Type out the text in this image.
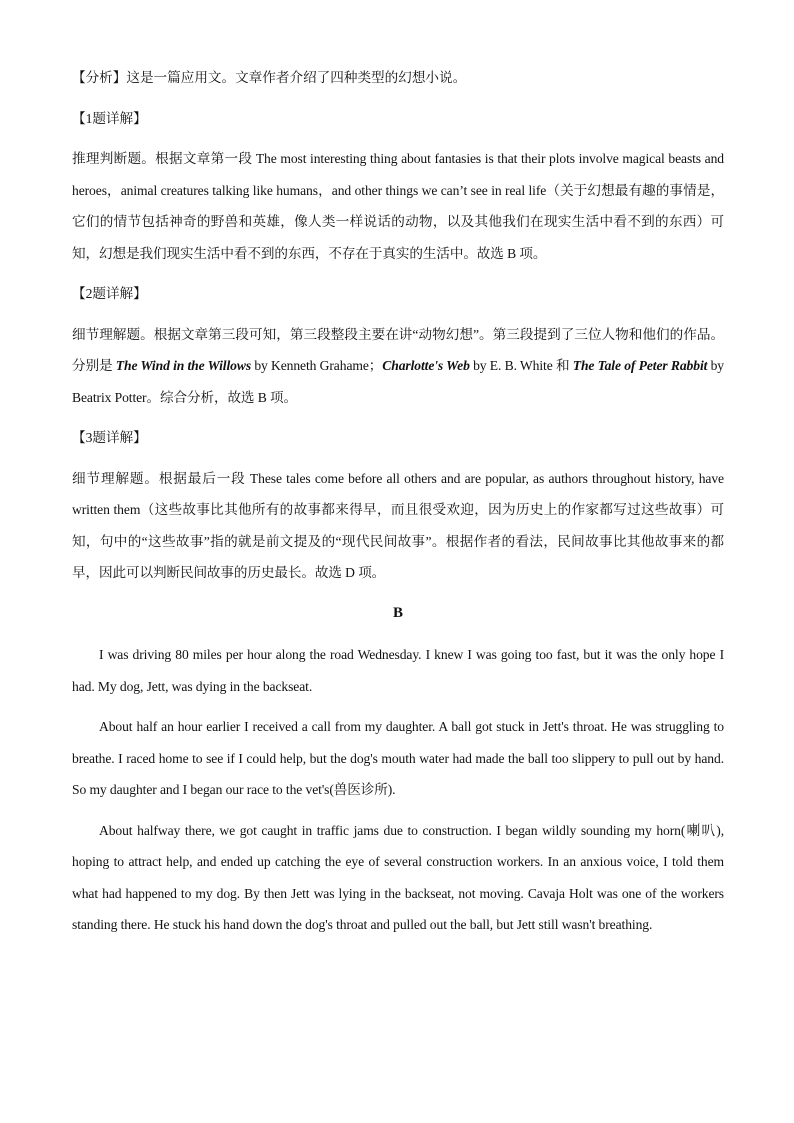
【分析】这是一篇应用文。文章作者介绍了四种类型的幻想小说。

【1题详解】

推理判断题。根据文章第一段 The most interesting thing about fantasies is that their plots involve magical beasts and heroes，animal creatures talking like humans，and other things we can’t see in real life（关于幻想最有趣的事情是，它们的情节包括神奇的野兽和英雄，像人类一样说话的动物，以及其他我们在现实生活中看不到的东西）可知，幻想是我们现实生活中看不到的东西，不存在于真实的生活中。故选 B 项。

【2题详解】

细节理解题。根据文章第三段可知，第三段整段主要在讲“动物幻想”。第三段提到了三位人物和他们的作品。分别是 The Wind in the Willows by Kenneth Grahame；Charlotte's Web by E. B. White 和 The Tale of Peter Rabbit by Beatrix Potter。综合分析，故选 B 项。

【3题详解】

细节理解题。根据最后一段 These tales come before all others and are popular, as authors throughout history, have written them（这些故事比其他所有的故事都来得早，而且很受欢迎，因为历史上的作家都写过这些故事）可知，句中的“这些故事”指的就是前文提及的“现代民间故事”。根据作者的看法，民间故事比其他故事来的都早，因此可以判断民间故事的历史最长。故选 D 项。

B

I was driving 80 miles per hour along the road Wednesday. I knew I was going too fast, but it was the only hope I had. My dog, Jett, was dying in the backseat.

About half an hour earlier I received a call from my daughter. A ball got stuck in Jett's throat. He was struggling to breathe. I raced home to see if I could help, but the dog's mouth water had made the ball too slippery to pull out by hand. So my daughter and I began our race to the vet's(兽医诊所).

About halfway there, we got caught in traffic jams due to construction. I began wildly sounding my horn(喇叭), hoping to attract help, and ended up catching the eye of several construction workers. In an anxious voice, I told them what had happened to my dog. By then Jett was lying in the backseat, not moving. Cavaja Holt was one of the workers standing there. He stuck his hand down the dog's throat and pulled out the ball, but Jett still wasn't breathing.
